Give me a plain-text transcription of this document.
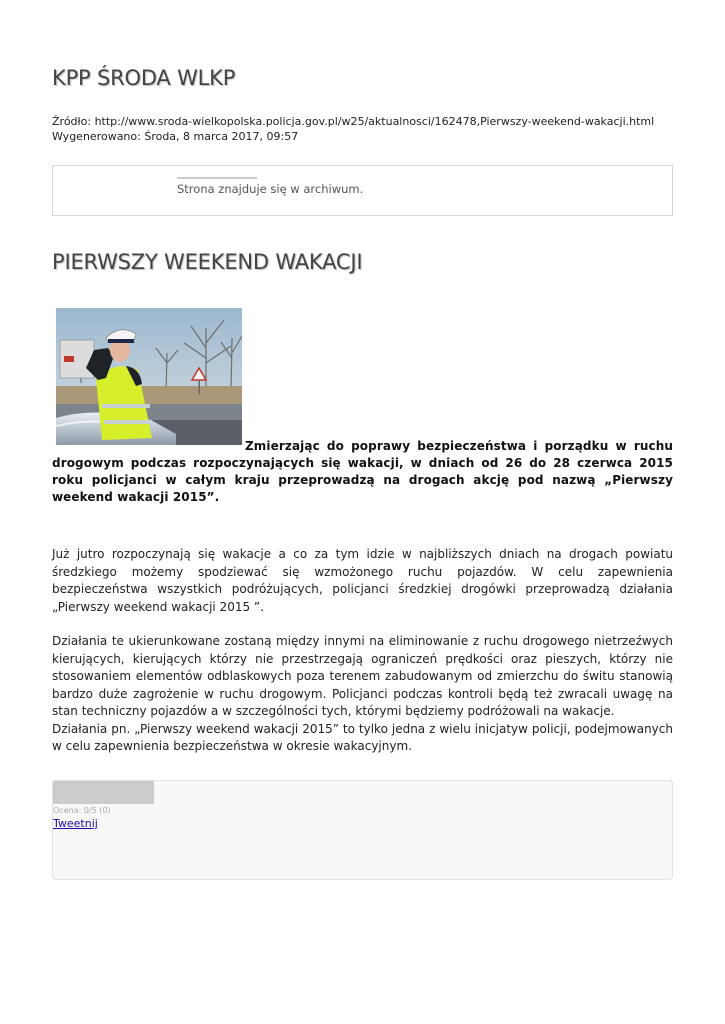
KPP ŚRODA WLKP
Źródło: http://www.sroda-wielkopolska.policja.gov.pl/w25/aktualnosci/162478,Pierwszy-weekend-wakacji.html
Wygenerowano: Środa, 8 marca 2017, 09:57
Strona znajduje się w archiwum.
PIERWSZY WEEKEND WAKACJI
Zmierzając do poprawy bezpieczeństwa i porządku w ruchu drogowym podczas rozpoczynających się wakacji, w dniach od 26 do 28 czerwca 2015 roku policjanci w całym kraju przeprowadzą na drogach akcję pod nazwą „Pierwszy weekend wakacji 2015”.

Już jutro rozpoczynają się wakacje a co za tym idzie w najbliższych dniach na drogach powiatu średzkiego możemy spodziewać się wzmożonego ruchu pojazdów. W celu zapewnienia bezpieczeństwa wszystkich podróżujących, policjanci średzkiej drogówki przeprowadzą działania „Pierwszy weekend wakacji 2015 ”.

Działania te ukierunkowane zostaną między innymi na eliminowanie z ruchu drogowego nietrzeźwych kierujących, kierujących którzy nie przestrzegają ograniczeń prędkości oraz pieszych, którzy nie stosowaniem elementów odblaskowych poza terenem zabudowanym od zmierzchu do świtu stanowią bardzo duże zagrożenie w ruchu drogowym. Policjanci podczas kontroli będą też zwracali uwagę na stan techniczny pojazdów a w szczególności tych, którymi będziemy podróżowali na wakacje.

Działania pn. „Pierwszy weekend wakacji 2015” to tylko jedna z wielu inicjatyw policji, podejmowanych w celu zapewnienia bezpieczeństwa w okresie wakacyjnym.

Ocena: 0/5 (0)
Tweetnij
